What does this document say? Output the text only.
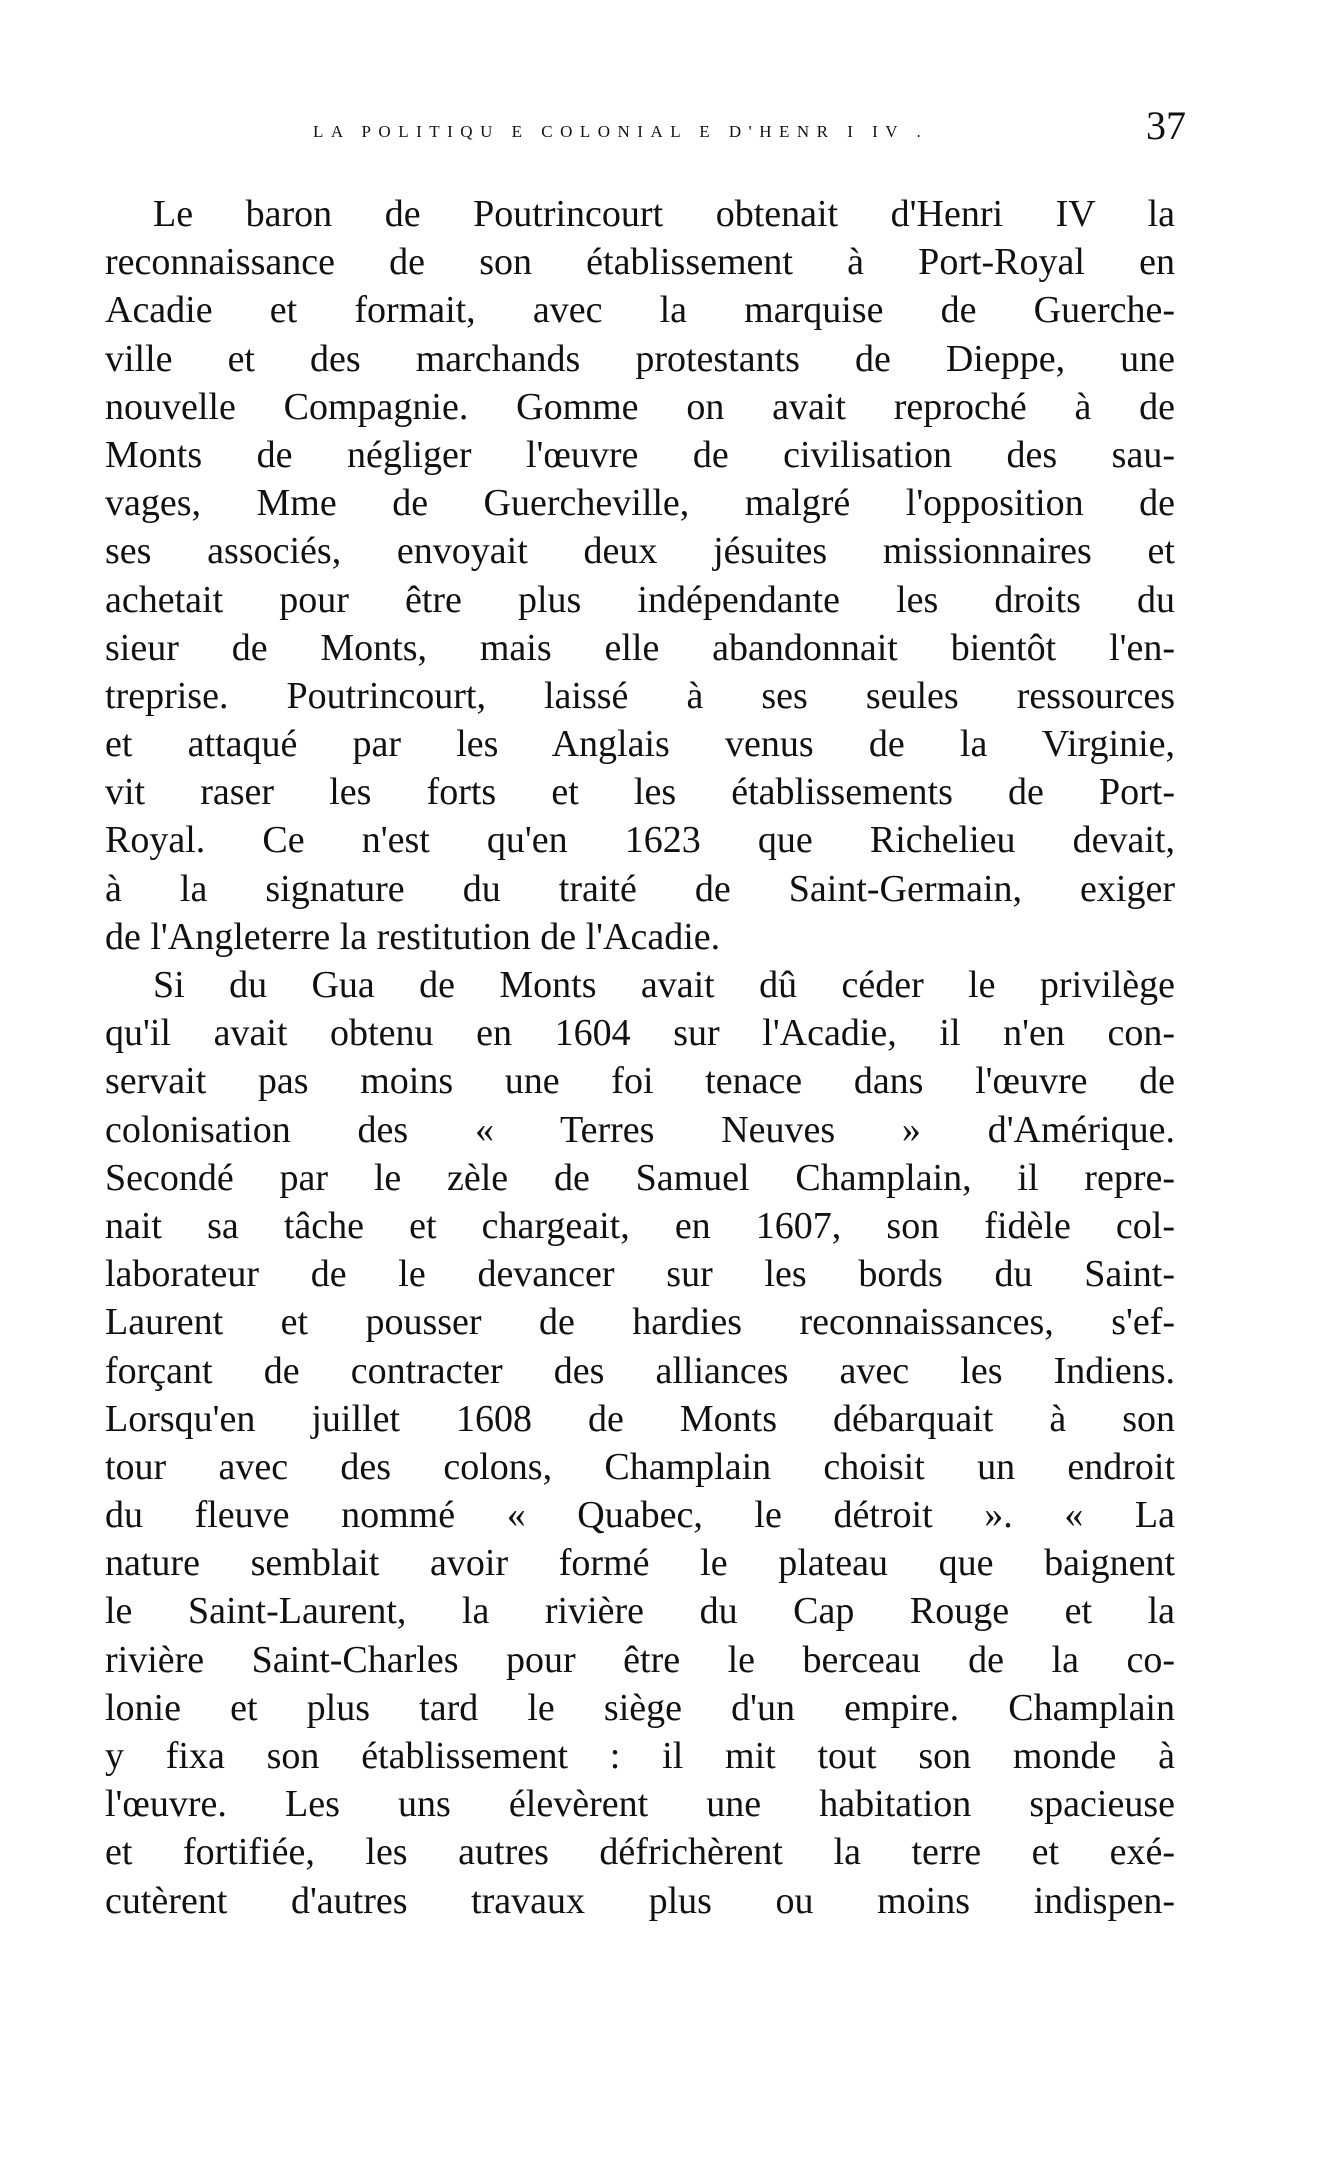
LA POLITIQU E COLONIAL E D'HENR I IV .	37
Le baron de Poutrincourt obtenait d'Henri IV la
reconnaissance de son établissement à Port-Royal en
Acadie et formait, avec la marquise de Guerche-
ville et des marchands protestants de Dieppe, une
nouvelle Compagnie. Gomme on avait reproché à de
Monts de négliger l'œuvre de civilisation des sau-
vages, Mme de Guercheville, malgré l'opposition de
ses associés, envoyait deux jésuites missionnaires et
achetait pour être plus indépendante les droits du
sieur de Monts, mais elle abandonnait bientôt l'en-
treprise. Poutrincourt, laissé à ses seules ressources
et attaqué par les Anglais venus de la Virginie,
vit raser les forts et les établissements de Port-
Royal. Ce n'est qu'en 1623 que Richelieu devait,
à la signature du traité de Saint-Germain, exiger
de l'Angleterre la restitution de l'Acadie.
Si du Gua de Monts avait dû céder le privilège
qu'il avait obtenu en 1604 sur l'Acadie, il n'en con-
servait pas moins une foi tenace dans l'œuvre de
colonisation des « Terres Neuves » d'Amérique.
Secondé par le zèle de Samuel Champlain, il repre-
nait sa tâche et chargeait, en 1607, son fidèle col-
laborateur de le devancer sur les bords du Saint-
Laurent et pousser de hardies reconnaissances, s'ef-
forçant de contracter des alliances avec les Indiens.
Lorsqu'en juillet 1608 de Monts débarquait à son
tour avec des colons, Champlain choisit un endroit
du fleuve nommé « Quabec, le détroit ». « La
nature semblait avoir formé le plateau que baignent
le Saint-Laurent, la rivière du Cap Rouge et la
rivière Saint-Charles pour être le berceau de la co-
lonie et plus tard le siège d'un empire. Champlain
y fixa son établissement : il mit tout son monde à
l'œuvre. Les uns élevèrent une habitation spacieuse
et fortifiée, les autres défrichèrent la terre et exé-
cutèrent d'autres travaux plus ou moins indispen-
